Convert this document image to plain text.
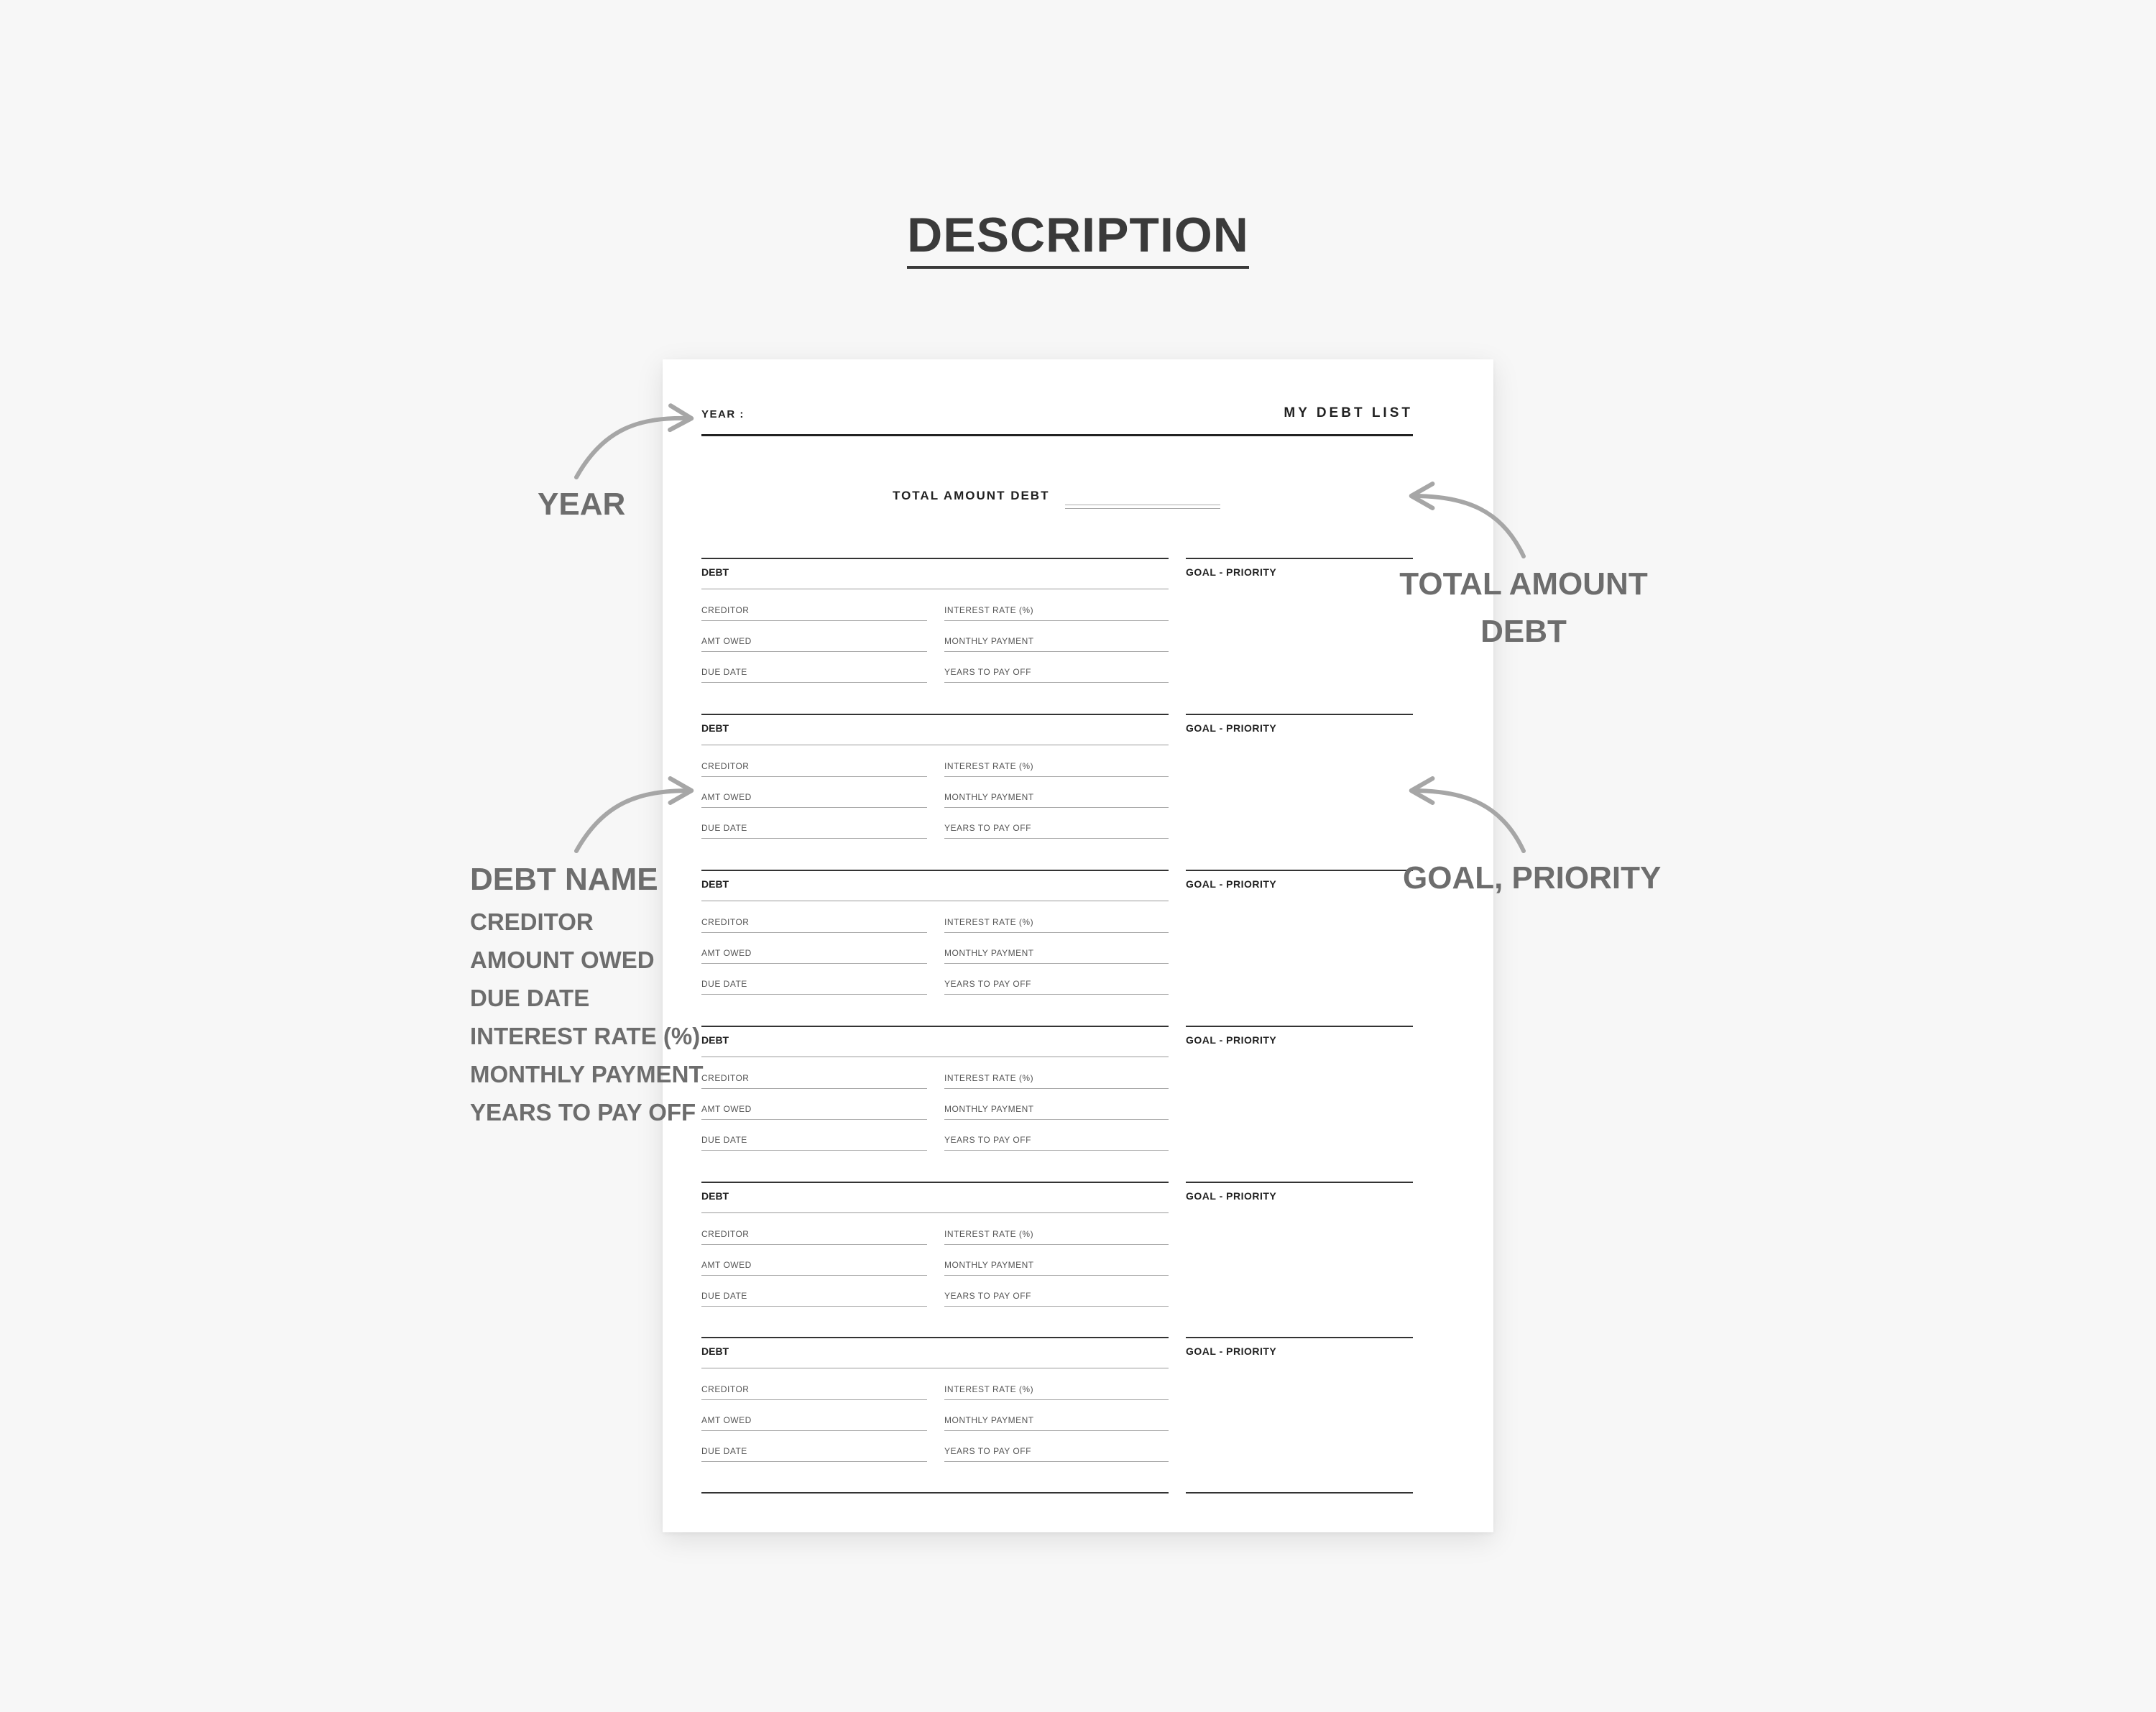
DESCRIPTION
YEAR :	MY DEBT LIST
TOTAL AMOUNT DEBT
DEBT	GOAL - PRIORITY
CREDITOR	INTEREST RATE (%)
AMT OWED	MONTHLY PAYMENT
DUE DATE	YEARS TO PAY OFF
DEBT	GOAL - PRIORITY
CREDITOR	INTEREST RATE (%)
AMT OWED	MONTHLY PAYMENT
DUE DATE	YEARS TO PAY OFF
DEBT	GOAL - PRIORITY
CREDITOR	INTEREST RATE (%)
AMT OWED	MONTHLY PAYMENT
DUE DATE	YEARS TO PAY OFF
DEBT	GOAL - PRIORITY
CREDITOR	INTEREST RATE (%)
AMT OWED	MONTHLY PAYMENT
DUE DATE	YEARS TO PAY OFF
DEBT	GOAL - PRIORITY
CREDITOR	INTEREST RATE (%)
AMT OWED	MONTHLY PAYMENT
DUE DATE	YEARS TO PAY OFF
DEBT	GOAL - PRIORITY
CREDITOR	INTEREST RATE (%)
AMT OWED	MONTHLY PAYMENT
DUE DATE	YEARS TO PAY OFF
YEAR
TOTAL AMOUNT
DEBT
GOAL, PRIORITY
DEBT NAME
CREDITOR
AMOUNT OWED
DUE DATE
INTEREST RATE (%)
MONTHLY PAYMENT
YEARS TO PAY OFF
